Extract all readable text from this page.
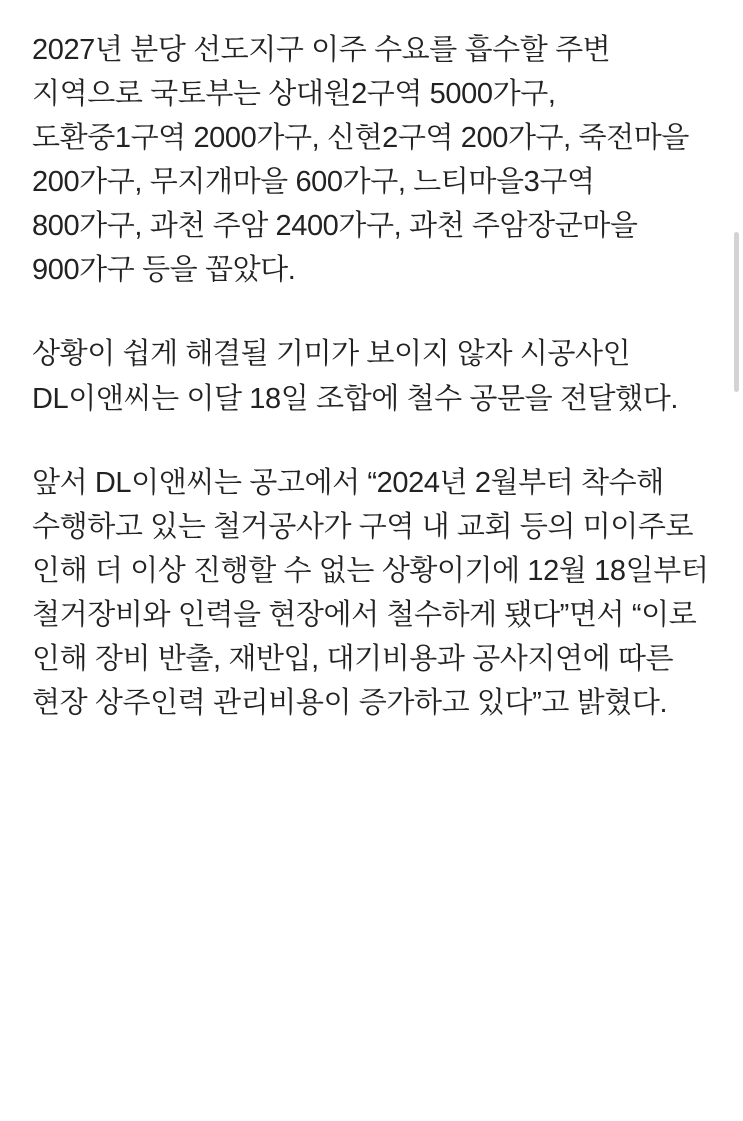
2027년 분당 선도지구 이주 수요를 흡수할 주변 지역으로 국토부는 상대원2구역 5000가구, 도환중1구역 2000가구, 신현2구역 200가구, 죽전마을 200가구, 무지개마을 600가구, 느티마을3구역 800가구, 과천 주암 2400가구, 과천 주암장군마을 900가구 등을 꼽았다.

상황이 쉽게 해결될 기미가 보이지 않자 시공사인 DL이앤씨는 이달 18일 조합에 철수 공문을 전달했다.

앞서 DL이앤씨는 공고에서 “2024년 2월부터 착수해 수행하고 있는 철거공사가 구역 내 교회 등의 미이주로 인해 더 이상 진행할 수 없는 상황이기에 12월 18일부터 철거장비와 인력을 현장에서 철수하게 됐다”면서 “이로 인해 장비 반출, 재반입, 대기비용과 공사지연에 따른 현장 상주인력 관리비용이 증가하고 있다”고 밝혔다.
